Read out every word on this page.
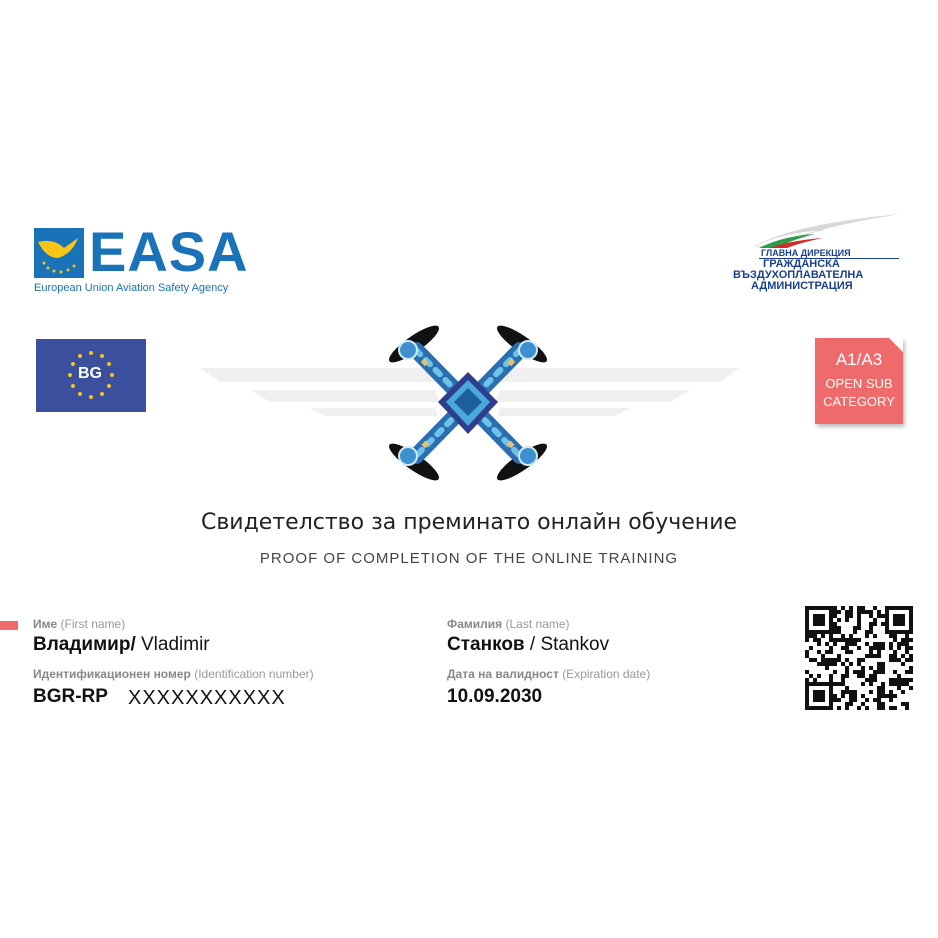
EASA
European Union Aviation Safety Agency
ГЛАВНА ДИРЕКЦИЯ
ГРАЖДАНСКА
ВЪЗДУХОПЛАВАТЕЛНА
АДМИНИСТРАЦИЯ
BG
A1/A3
OPEN SUB
CATEGORY
Свидетелство за преминато онлайн обучение
PROOF OF COMPLETION OF THE ONLINE TRAINING
Име (First name)
Владимир/ Vladimir
Фамилия (Last name)
Станков / Stankov
Идентификационен номер (Identification number)
BGR-RP XXXXXXXXXXX
Дата на валидност (Expiration date)
10.09.2030
